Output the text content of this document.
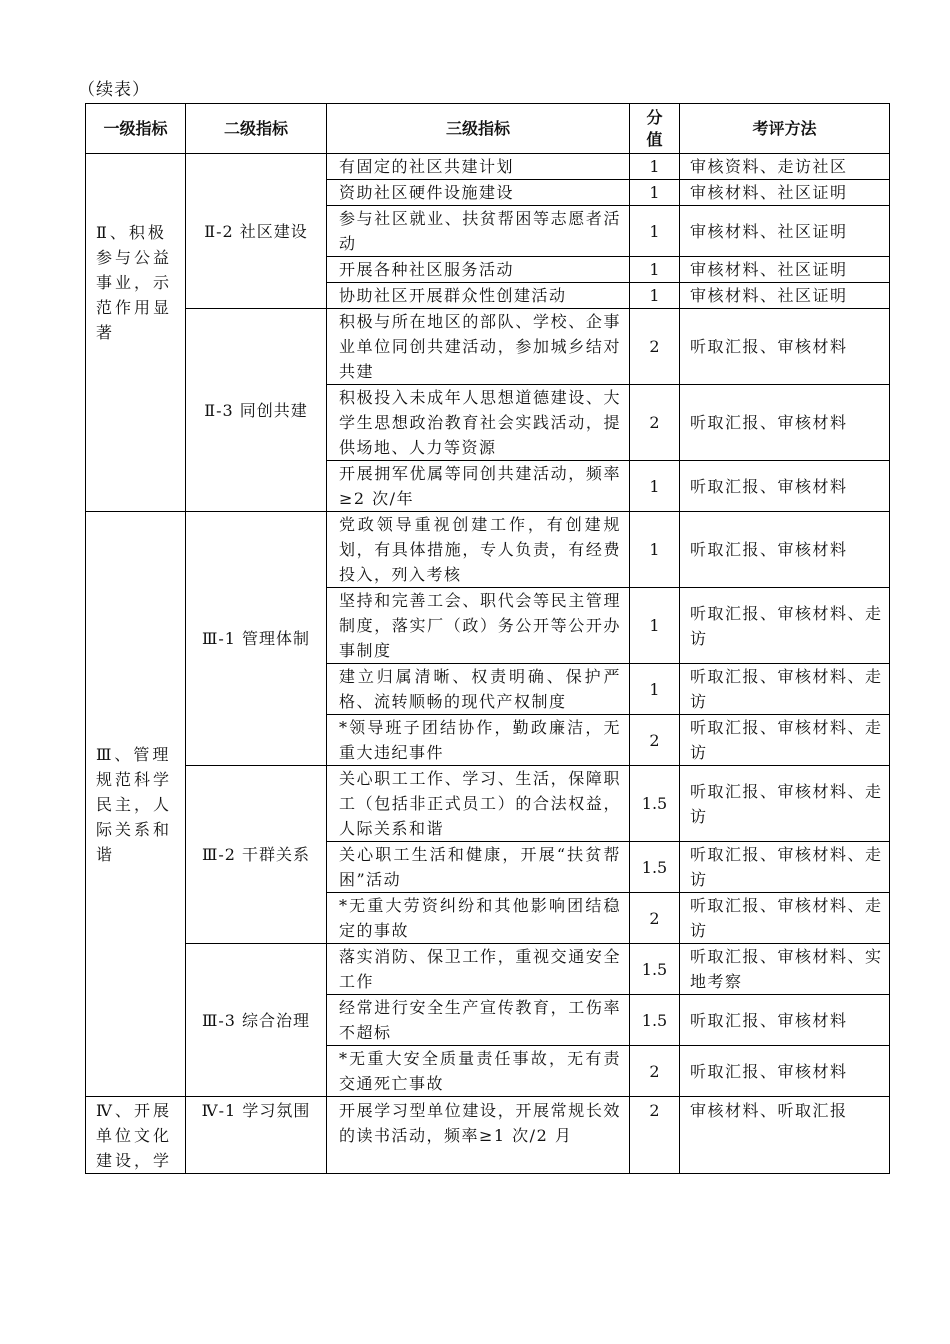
（续表）
一级指标	二级指标	三级指标	分值	考评方法
Ⅱ、积极参与公益事业，示范作用显著	Ⅱ-2 社区建设	有固定的社区共建计划	1	审核资料、走访社区
		资助社区硬件设施建设	1	审核材料、社区证明
		参与社区就业、扶贫帮困等志愿者活动	1	审核材料、社区证明
		开展各种社区服务活动	1	审核材料、社区证明
		协助社区开展群众性创建活动	1	审核材料、社区证明
	Ⅱ-3 同创共建	积极与所在地区的部队、学校、企事业单位同创共建活动，参加城乡结对共建	2	听取汇报、审核材料
		积极投入未成年人思想道德建设、大学生思想政治教育社会实践活动，提供场地、人力等资源	2	听取汇报、审核材料
		开展拥军优属等同创共建活动，频率≥2 次/年	1	听取汇报、审核材料
Ⅲ、管理规范科学民主，人际关系和谐	Ⅲ-1 管理体制	党政领导重视创建工作，有创建规划，有具体措施，专人负责，有经费投入，列入考核	1	听取汇报、审核材料
		坚持和完善工会、职代会等民主管理制度，落实厂（政）务公开等公开办事制度	1	听取汇报、审核材料、走访
		建立归属清晰、权责明确、保护严格、流转顺畅的现代产权制度	1	听取汇报、审核材料、走访
		*领导班子团结协作，勤政廉洁，无重大违纪事件	2	听取汇报、审核材料、走访
	Ⅲ-2 干群关系	关心职工工作、学习、生活，保障职工（包括非正式员工）的合法权益，人际关系和谐	1.5	听取汇报、审核材料、走访
		关心职工生活和健康，开展“扶贫帮困”活动	1.5	听取汇报、审核材料、走访
		*无重大劳资纠纷和其他影响团结稳定的事故	2	听取汇报、审核材料、走访
	Ⅲ-3 综合治理	落实消防、保卫工作，重视交通安全工作	1.5	听取汇报、审核材料、实地考察
		经常进行安全生产宣传教育，工伤率不超标	1.5	听取汇报、审核材料
		*无重大安全质量责任事故，无有责交通死亡事故	2	听取汇报、审核材料
Ⅳ、开展单位文化建设，学	Ⅳ-1 学习氛围	开展学习型单位建设，开展常规长效的读书活动，频率≥1 次/2 月	2	审核材料、听取汇报
